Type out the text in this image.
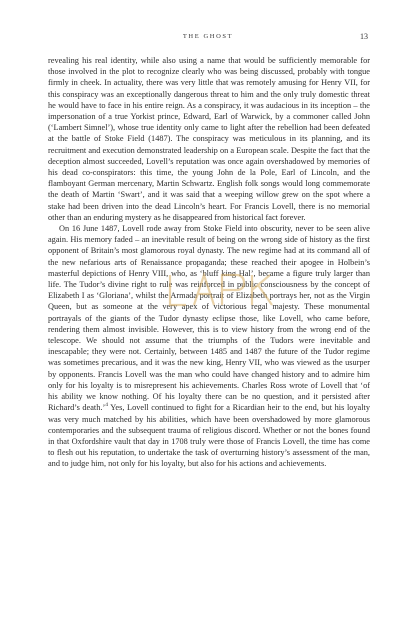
THE GHOST	13

revealing his real identity, while also using a name that would be sufficiently memorable for those involved in the plot to recognize clearly who was being discussed, probably with tongue firmly in cheek. In actuality, there was very little that was remotely amusing for Henry VII, for this conspiracy was an exceptionally dangerous threat to him and the only truly domestic threat he would have to face in his entire reign. As a conspiracy, it was audacious in its inception – the impersonation of a true Yorkist prince, Edward, Earl of Warwick, by a commoner called John (‘Lambert Simnel’), whose true identity only came to light after the rebellion had been defeated at the battle of Stoke Field (1487). The conspiracy was meticulous in its planning, and its recruitment and execution demonstrated leadership on a European scale. Despite the fact that the deception almost succeeded, Lovell’s reputation was once again overshadowed by memories of his dead co-conspirators: this time, the young John de la Pole, Earl of Lincoln, and the flamboyant German mercenary, Martin Schwartz. English folk songs would long commemorate the death of Martin ‘Swart’, and it was said that a weeping willow grew on the spot where a stake had been driven into the dead Lincoln’s heart. For Francis Lovell, there is no memorial other than an enduring mystery as he disappeared from historical fact forever.

On 16 June 1487, Lovell rode away from Stoke Field into obscurity, never to be seen alive again. His memory faded – an inevitable result of being on the wrong side of history as the first opponent of Britain’s most glamorous royal dynasty. The new regime had at its command all of the new nefarious arts of Renaissance propaganda; these reached their apogee in Holbein’s masterful depictions of Henry VIII, who, as ‘bluff king Hal’, became a figure truly larger than life. The Tudor’s divine right to rule was reinforced in public consciousness by the concept of Elizabeth I as ‘Gloriana’, whilst the Armada portrait of Elizabeth portrays her, not as the Virgin Queen, but as someone at the very apex of victorious regal majesty. These monumental portrayals of the giants of the Tudor dynasty eclipse those, like Lovell, who came before, rendering them almost invisible. However, this is to view history from the wrong end of the telescope. We should not assume that the triumphs of the Tudors were inevitable and inescapable; they were not. Certainly, between 1485 and 1487 the future of the Tudor regime was sometimes precarious, and it was the new king, Henry VII, who was viewed as the usurper by opponents. Francis Lovell was the man who could have changed history and to admire him only for his loyalty is to misrepresent his achievements. Charles Ross wrote of Lovell that ‘of his ability we know nothing. Of his loyalty there can be no question, and it persisted after Richard’s death.’$^4$ Yes, Lovell continued to fight for a Ricardian heir to the end, but his loyalty was very much matched by his abilities, which have been overshadowed by more glamorous contemporaries and the subsequent trauma of religious discord. Whether or not the bones found in that Oxfordshire vault that day in 1708 truly were those of Francis Lovell, the time has come to flesh out his reputation, to undertake the task of overturning history’s assessment of the man, and to judge him, not only for his loyalty, but also for his actions and achievements.
